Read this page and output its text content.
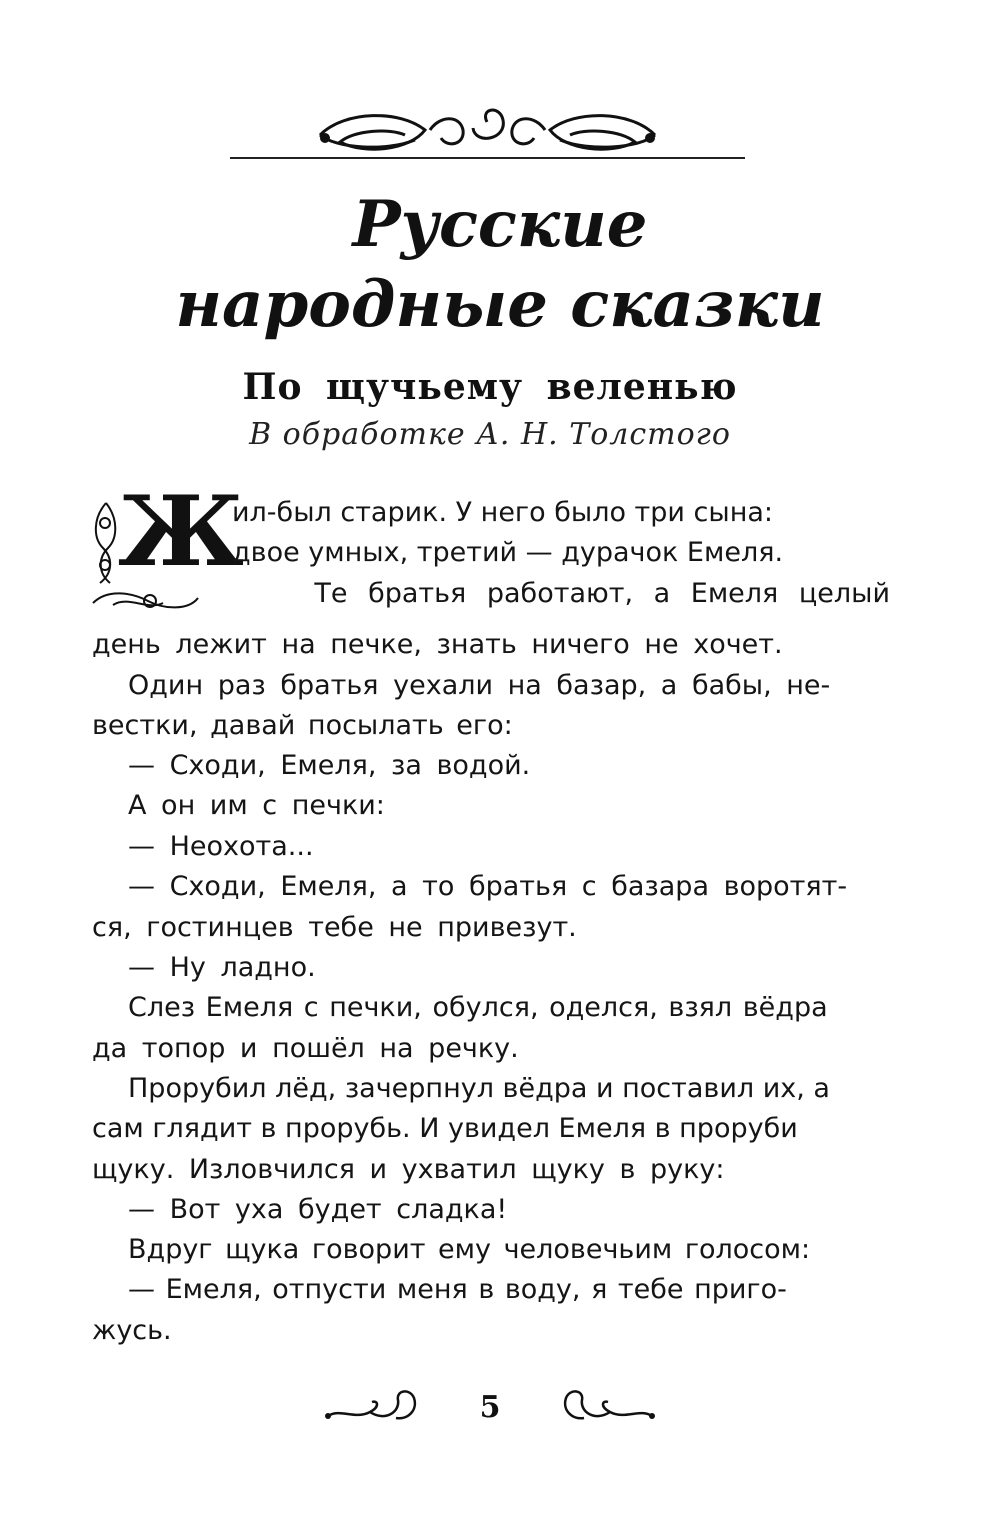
Русские
народные сказки
По щучьему веленью
В обработке А. Н. Толстого
Ж
ил-был старик. У него было три сына:
двое умных, третий — дурачок Емеля.
Те братья работают, а Емеля целый
день лежит на печке, знать ничего не хочет.
Один раз братья уехали на базар, а бабы, не-
вестки, давай посылать его:
— Сходи, Емеля, за водой.
А он им с печки:
— Неохота...
— Сходи, Емеля, а то братья с базара воротят-
ся, гостинцев тебе не привезут.
— Ну ладно.
Слез Емеля с печки, обулся, оделся, взял вёдра
да топор и пошёл на речку.
Прорубил лёд, зачерпнул вёдра и поставил их, а
сам глядит в прорубь. И увидел Емеля в проруби
щуку. Изловчился и ухватил щуку в руку:
— Вот уха будет сладка!
Вдруг щука говорит ему человечьим голосом:
— Емеля, отпусти меня в воду, я тебе приго-
жусь.
5
